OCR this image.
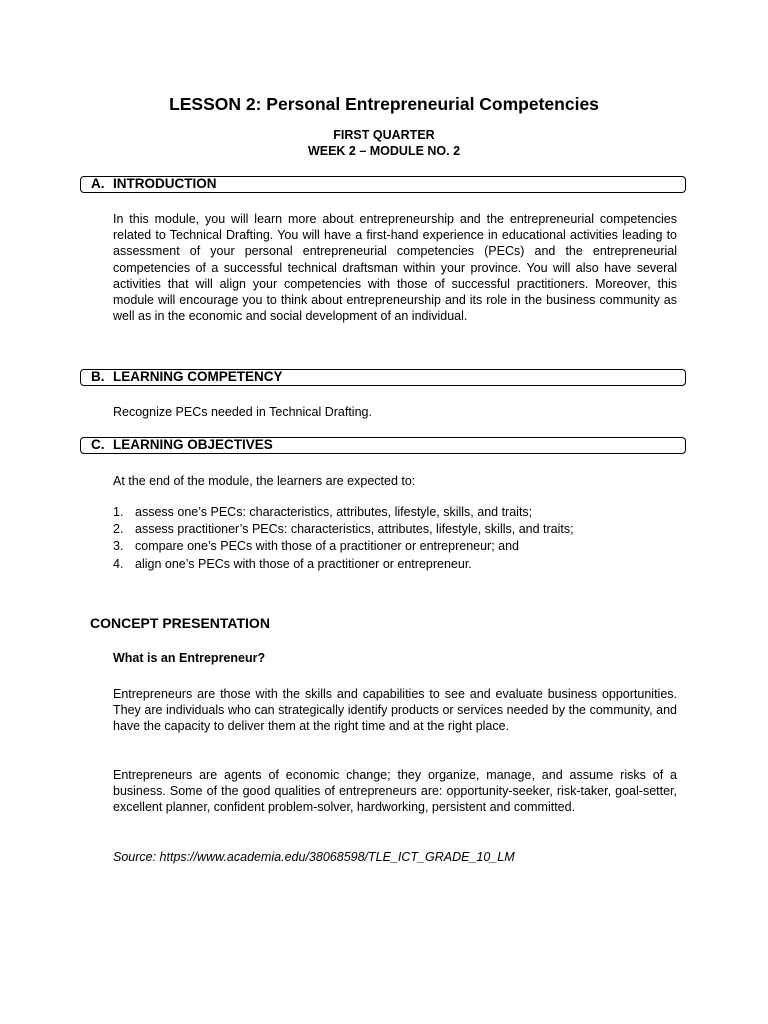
LESSON 2: Personal Entrepreneurial Competencies
FIRST QUARTER
WEEK 2 – MODULE NO. 2
A. INTRODUCTION

In this module, you will learn more about entrepreneurship and the entrepreneurial competencies related to Technical Drafting. You will have a first-hand experience in educational activities leading to assessment of your personal entrepreneurial competencies (PECs) and the entrepreneurial competencies of a successful technical draftsman within your province. You will also have several activities that will align your competencies with those of successful practitioners. Moreover, this module will encourage you to think about entrepreneurship and its role in the business community as well as in the economic and social development of an individual.

B. LEARNING COMPETENCY

Recognize PECs needed in Technical Drafting.

C. LEARNING OBJECTIVES

At the end of the module, the learners are expected to:

1. assess one’s PECs: characteristics, attributes, lifestyle, skills, and traits;
2. assess practitioner’s PECs: characteristics, attributes, lifestyle, skills, and traits;
3. compare one’s PECs with those of a practitioner or entrepreneur; and
4. align one’s PECs with those of a practitioner or entrepreneur.
CONCEPT PRESENTATION
What is an Entrepreneur?

Entrepreneurs are those with the skills and capabilities to see and evaluate business opportunities. They are individuals who can strategically identify products or services needed by the community, and have the capacity to deliver them at the right time and at the right place.

Entrepreneurs are agents of economic change; they organize, manage, and assume risks of a business. Some of the good qualities of entrepreneurs are: opportunity-seeker, risk-taker, goal-setter, excellent planner, confident problem-solver, hardworking, persistent and committed.

Source: https://www.academia.edu/38068598/TLE_ICT_GRADE_10_LM
